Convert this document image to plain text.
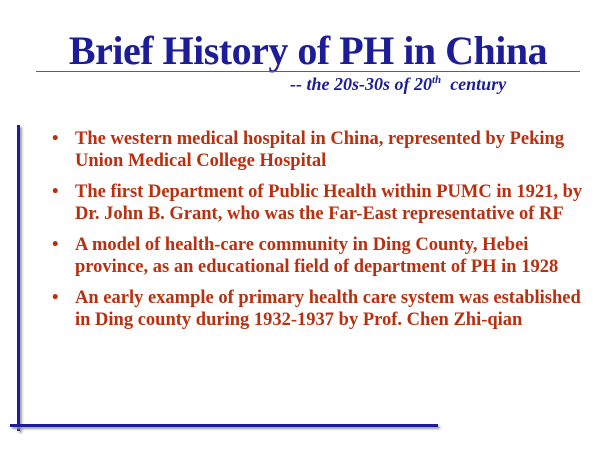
Brief History of PH in China
-- the 20s-30s of 20th century
• The western medical hospital in China, represented by Peking Union Medical College Hospital
• The first Department of Public Health within PUMC in 1921, by Dr. John B. Grant, who was the Far-East representative of RF
• A model of health-care community in Ding County, Hebei province, as an educational field of department of PH in 1928
• An early example of primary health care system was established in Ding county during 1932-1937 by Prof. Chen Zhi-qian
